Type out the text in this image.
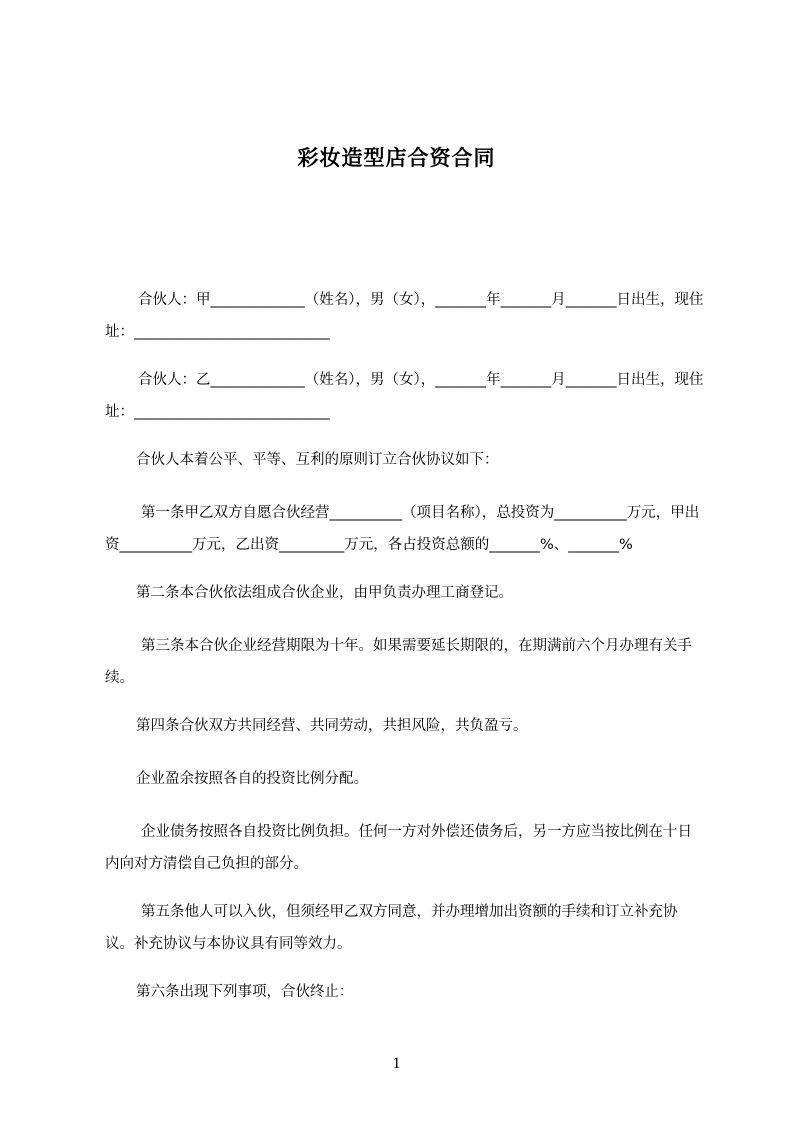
彩妆造型店合资合同
合伙人：甲_____________（姓名），男（女），_______年_______月_______日出生，现住址：___________________________
合伙人：乙_____________（姓名），男（女），_______年_______月_______日出生，现住址：___________________________
合伙人本着公平、平等、互利的原则订立合伙协议如下：
第一条甲乙双方自愿合伙经营__________（项目名称），总投资为__________万元，甲出资__________万元，乙出资_________万元，各占投资总额的_______%、_______%
第二条本合伙依法组成合伙企业，由甲负责办理工商登记。
第三条本合伙企业经营期限为十年。如果需要延长期限的，在期满前六个月办理有关手续。
第四条合伙双方共同经营、共同劳动，共担风险，共负盈亏。
企业盈余按照各自的投资比例分配。
企业债务按照各自投资比例负担。任何一方对外偿还债务后，另一方应当按比例在十日内向对方清偿自己负担的部分。
第五条他人可以入伙，但须经甲乙双方同意，并办理增加出资额的手续和订立补充协议。补充协议与本协议具有同等效力。
第六条出现下列事项，合伙终止：
1
